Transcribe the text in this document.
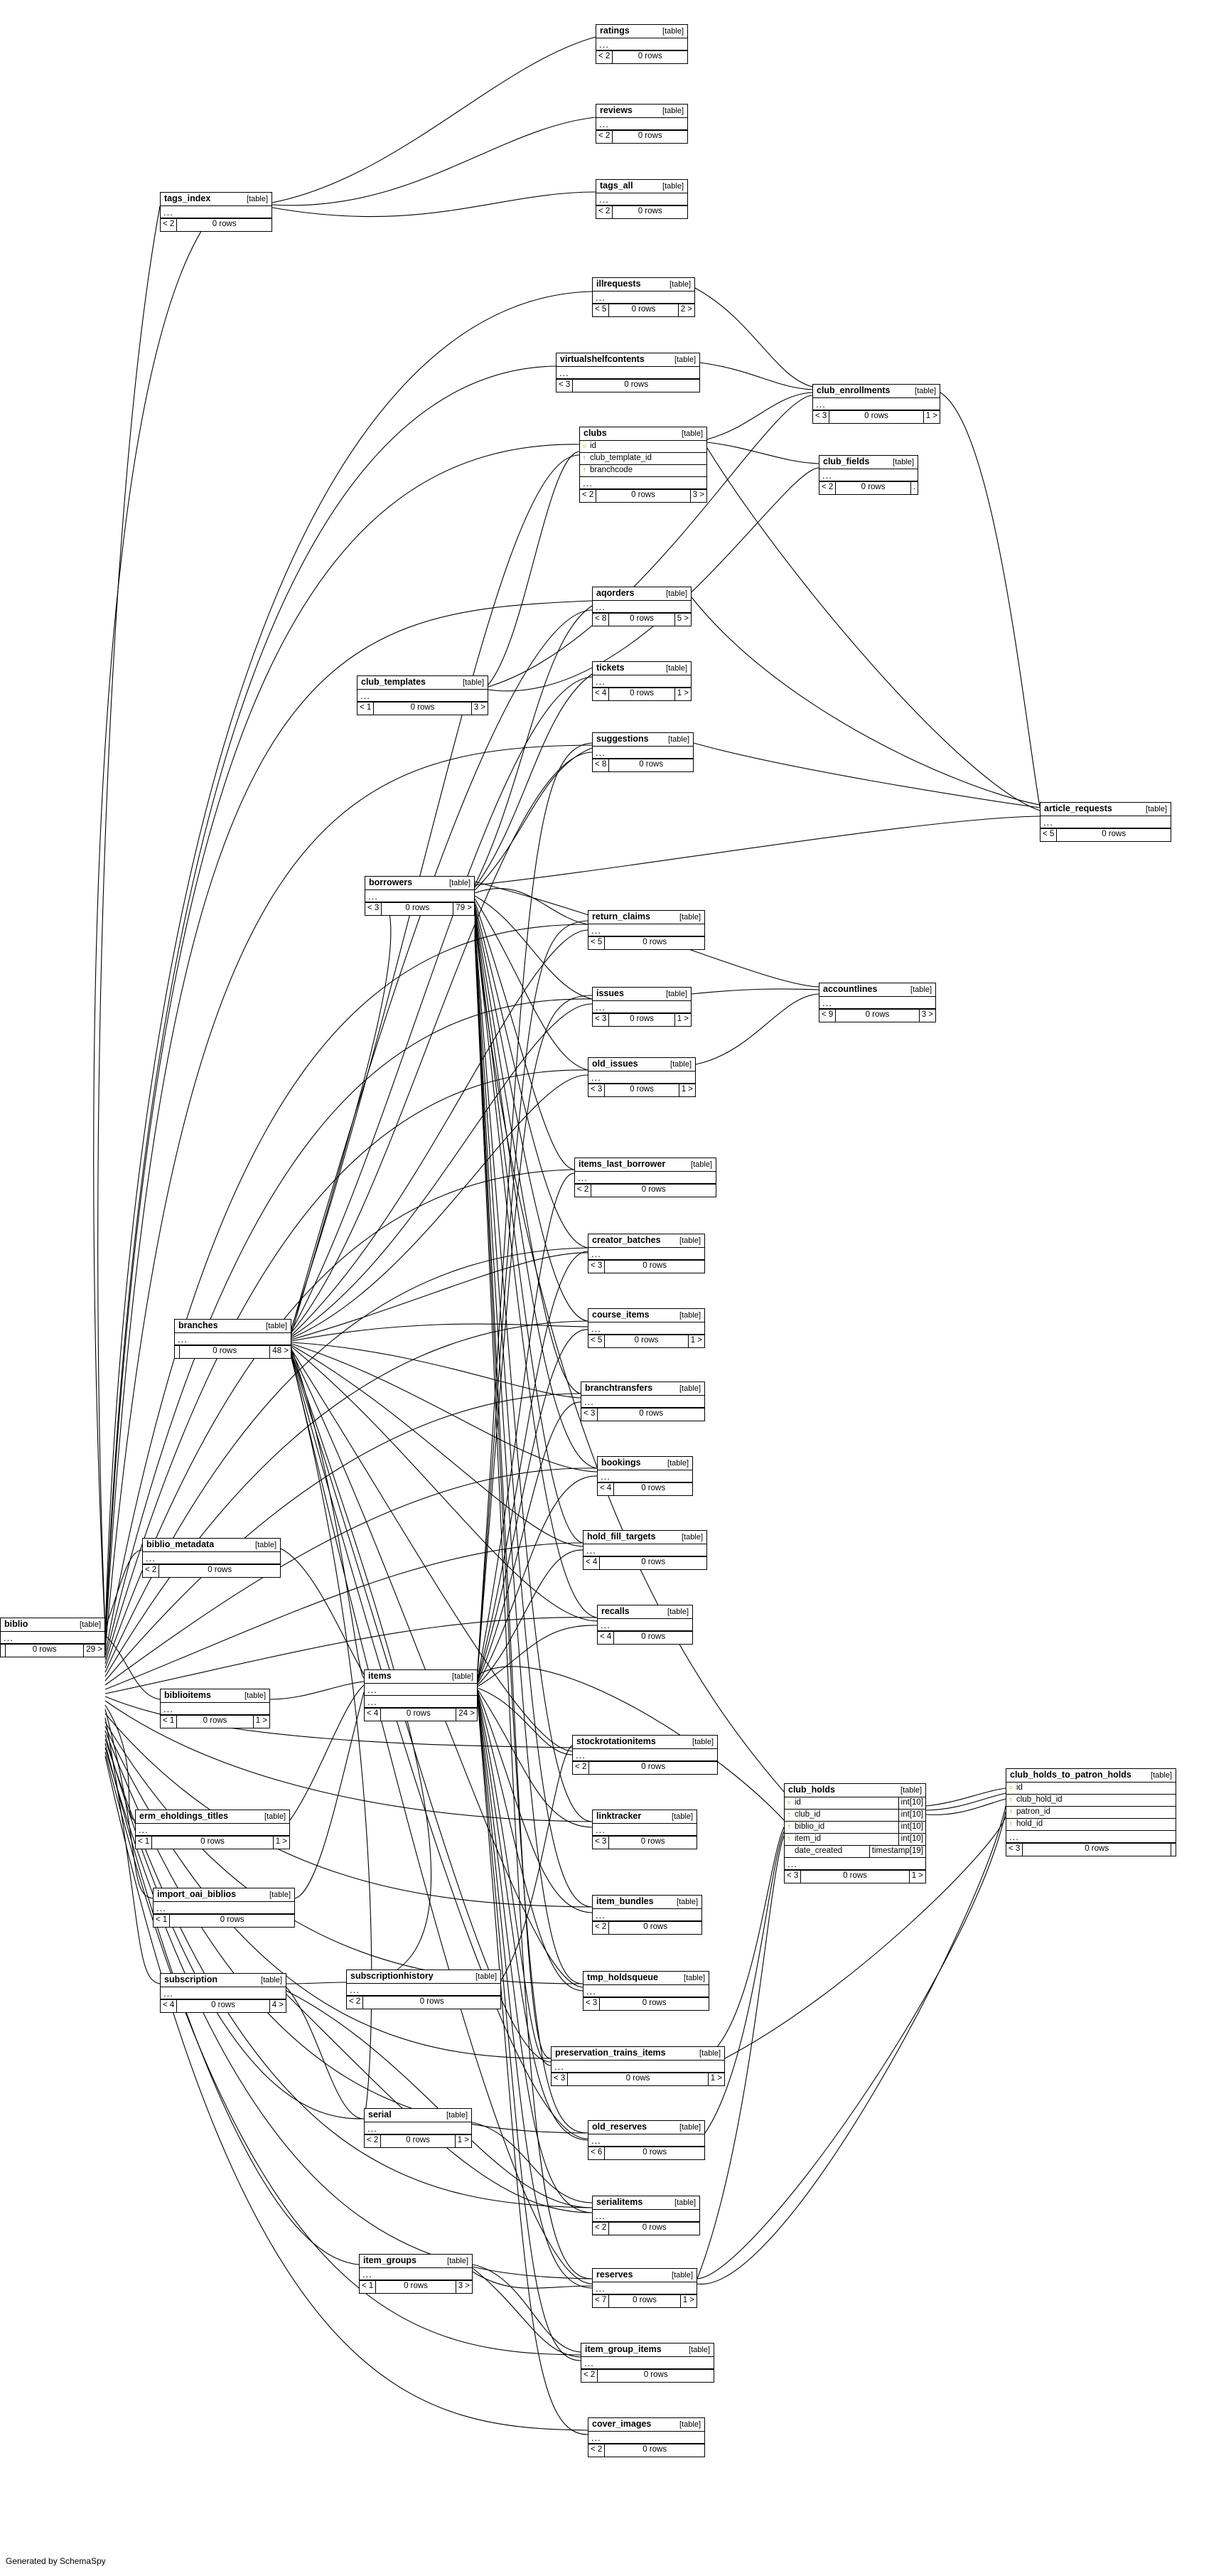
ratings	[table]
...
< 2	0 rows
reviews	[table]
...
< 2	0 rows
tags_all	[table]
...
< 2	0 rows
tags_index	[table]
...
< 2	0 rows
illrequests	[table]
...
< 5	0 rows	2 >
virtualshelfcontents	[table]
...
< 3	0 rows
club_enrollments	[table]
...
< 3	0 rows	1 >
clubs	[table]
○ id
↑ club_template_id
↑ branchcode
...
< 2	0 rows	3 >
club_fields	[table]
...
< 2	0 rows	.
aqorders	[table]
...
< 8	0 rows	5 >
club_templates	[table]
...
< 1	0 rows	3 >
tickets	[table]
...
< 4	0 rows	1 >
suggestions	[table]
...
< 8	0 rows
article_requests	[table]
...
< 5	0 rows
borrowers	[table]
...
< 3	0 rows	79 >
return_claims	[table]
...
< 5	0 rows
accountlines	[table]
...
< 9	0 rows	3 >
issues	[table]
...
< 3	0 rows	1 >
old_issues	[table]
...
< 3	0 rows	1 >
items_last_borrower	[table]
...
< 2	0 rows
creator_batches	[table]
...
< 3	0 rows
course_items	[table]
...
< 5	0 rows	1 >
branchtransfers	[table]
...
< 3	0 rows
branches	[table]
...
0 rows	48 >
bookings	[table]
...
< 4	0 rows
hold_fill_targets	[table]
...
< 4	0 rows
biblio_metadata	[table]
...
< 2	0 rows
recalls	[table]
...
< 4	0 rows
biblio	[table]
...
0 rows	29 >
items	[table]
...
...
< 4	0 rows	24 >
biblioitems	[table]
...
< 1	0 rows	1 >
stockrotationitems	[table]
...
< 2	0 rows
club_holds	[table]
○ id	int[10]
↑ club_id	int[10]
↑ biblio_id	int[10]
↑ item_id	int[10]
date_created	timestamp[19]
...
< 3	0 rows	1 >
club_holds_to_patron_holds	[table]
○ id
↑ club_hold_id
↑ patron_id
↑ hold_id
...
< 3	0 rows
linktracker	[table]
...
< 3	0 rows
erm_eholdings_titles	[table]
...
< 1	0 rows	1 >
import_oai_biblios	[table]
...
< 1	0 rows
item_bundles	[table]
...
< 2	0 rows
subscriptionhistory	[table]
...
< 2	0 rows
subscription	[table]
...
< 4	0 rows	4 >
tmp_holdsqueue	[table]
...
< 3	0 rows
preservation_trains_items	[table]
...
< 3	0 rows	1 >
old_reserves	[table]
...
< 6	0 rows
serial	[table]
...
< 2	0 rows	1 >
serialitems	[table]
...
< 2	0 rows
item_groups	[table]
...
< 1	0 rows	3 >
reserves	[table]
...
< 7	0 rows	1 >
item_group_items	[table]
...
< 2	0 rows
cover_images	[table]
...
< 2	0 rows
Generated by SchemaSpy
